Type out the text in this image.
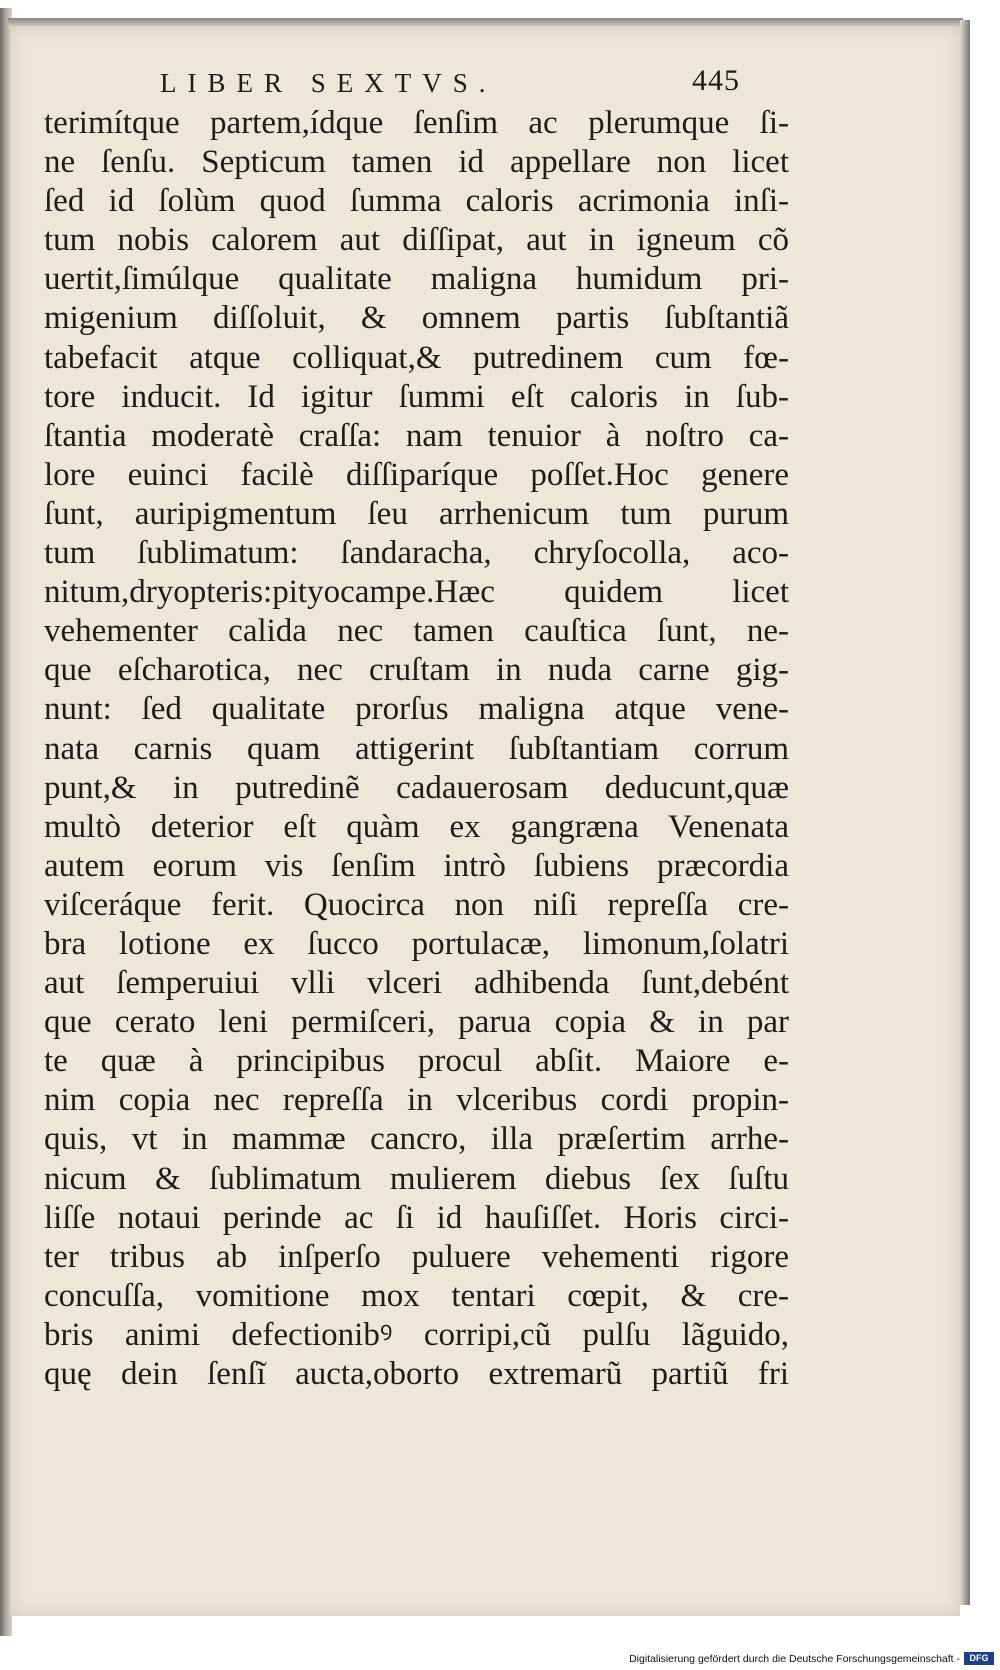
LIBER SEXTVS.	445
terimítque partem,ídque ſenſim ac plerumque ſi-
ne ſenſu. Septicum tamen id appellare non licet
ſed id ſolùm quod ſumma caloris acrimonia inſi-
tum nobis calorem aut diſſipat, aut in igneum cõ
uertit,ſimúlque qualitate maligna humidum pri-
migenium diſſoluit, & omnem partis ſubſtantiã
tabefacit atque colliquat,& putredinem cum fœ-
tore inducit. Id igitur ſummi eſt caloris in ſub-
ſtantia moderatè craſſa: nam tenuior à noſtro ca-
lore euinci facilè diſſiparíque poſſet.Hoc genere
ſunt, auripigmentum ſeu arrhenicum tum purum
tum ſublimatum: ſandaracha, chryſocolla, aco-
nitum,dryopteris:pityocampe.Hæc quidem licet
vehementer calida nec tamen cauſtica ſunt, ne-
que eſcharotica, nec cruſtam in nuda carne gig-
nunt: ſed qualitate prorſus maligna atque vene-
nata carnis quam attigerint ſubſtantiam corrum
punt,& in putredinẽ cadauerosam deducunt,quæ
multò deterior eſt quàm ex gangræna Venenata
autem eorum vis ſenſim intrò ſubiens præcordia
viſceráque ferit. Quocirca non niſi repreſſa cre-
bra lotione ex ſucco portulacæ, limonum,ſolatri
aut ſemperuiui vlli vlceri adhibenda ſunt,debént
que cerato leni permiſceri, parua copia & in par
te quæ à principibus procul abſit. Maiore e-
nim copia nec repreſſa in vlceribus cordi propin-
quis, vt in mammæ cancro, illa præſertim arrhe-
nicum & ſublimatum mulierem diebus ſex ſuſtu
liſſe notaui perinde ac ſi id hauſiſſet. Horis circi-
ter tribus ab inſperſo puluere vehementi rigore
concuſſa, vomitione mox tentari cœpit, & cre-
bris animi defectionibꝰ corripi,cũ pulſu lãguido,
quę dein ſenſĩ aucta,oborto extremarũ partiũ fri
Digitalisierung gefördert durch die Deutsche Forschungsgemeinschaft -	DFG
